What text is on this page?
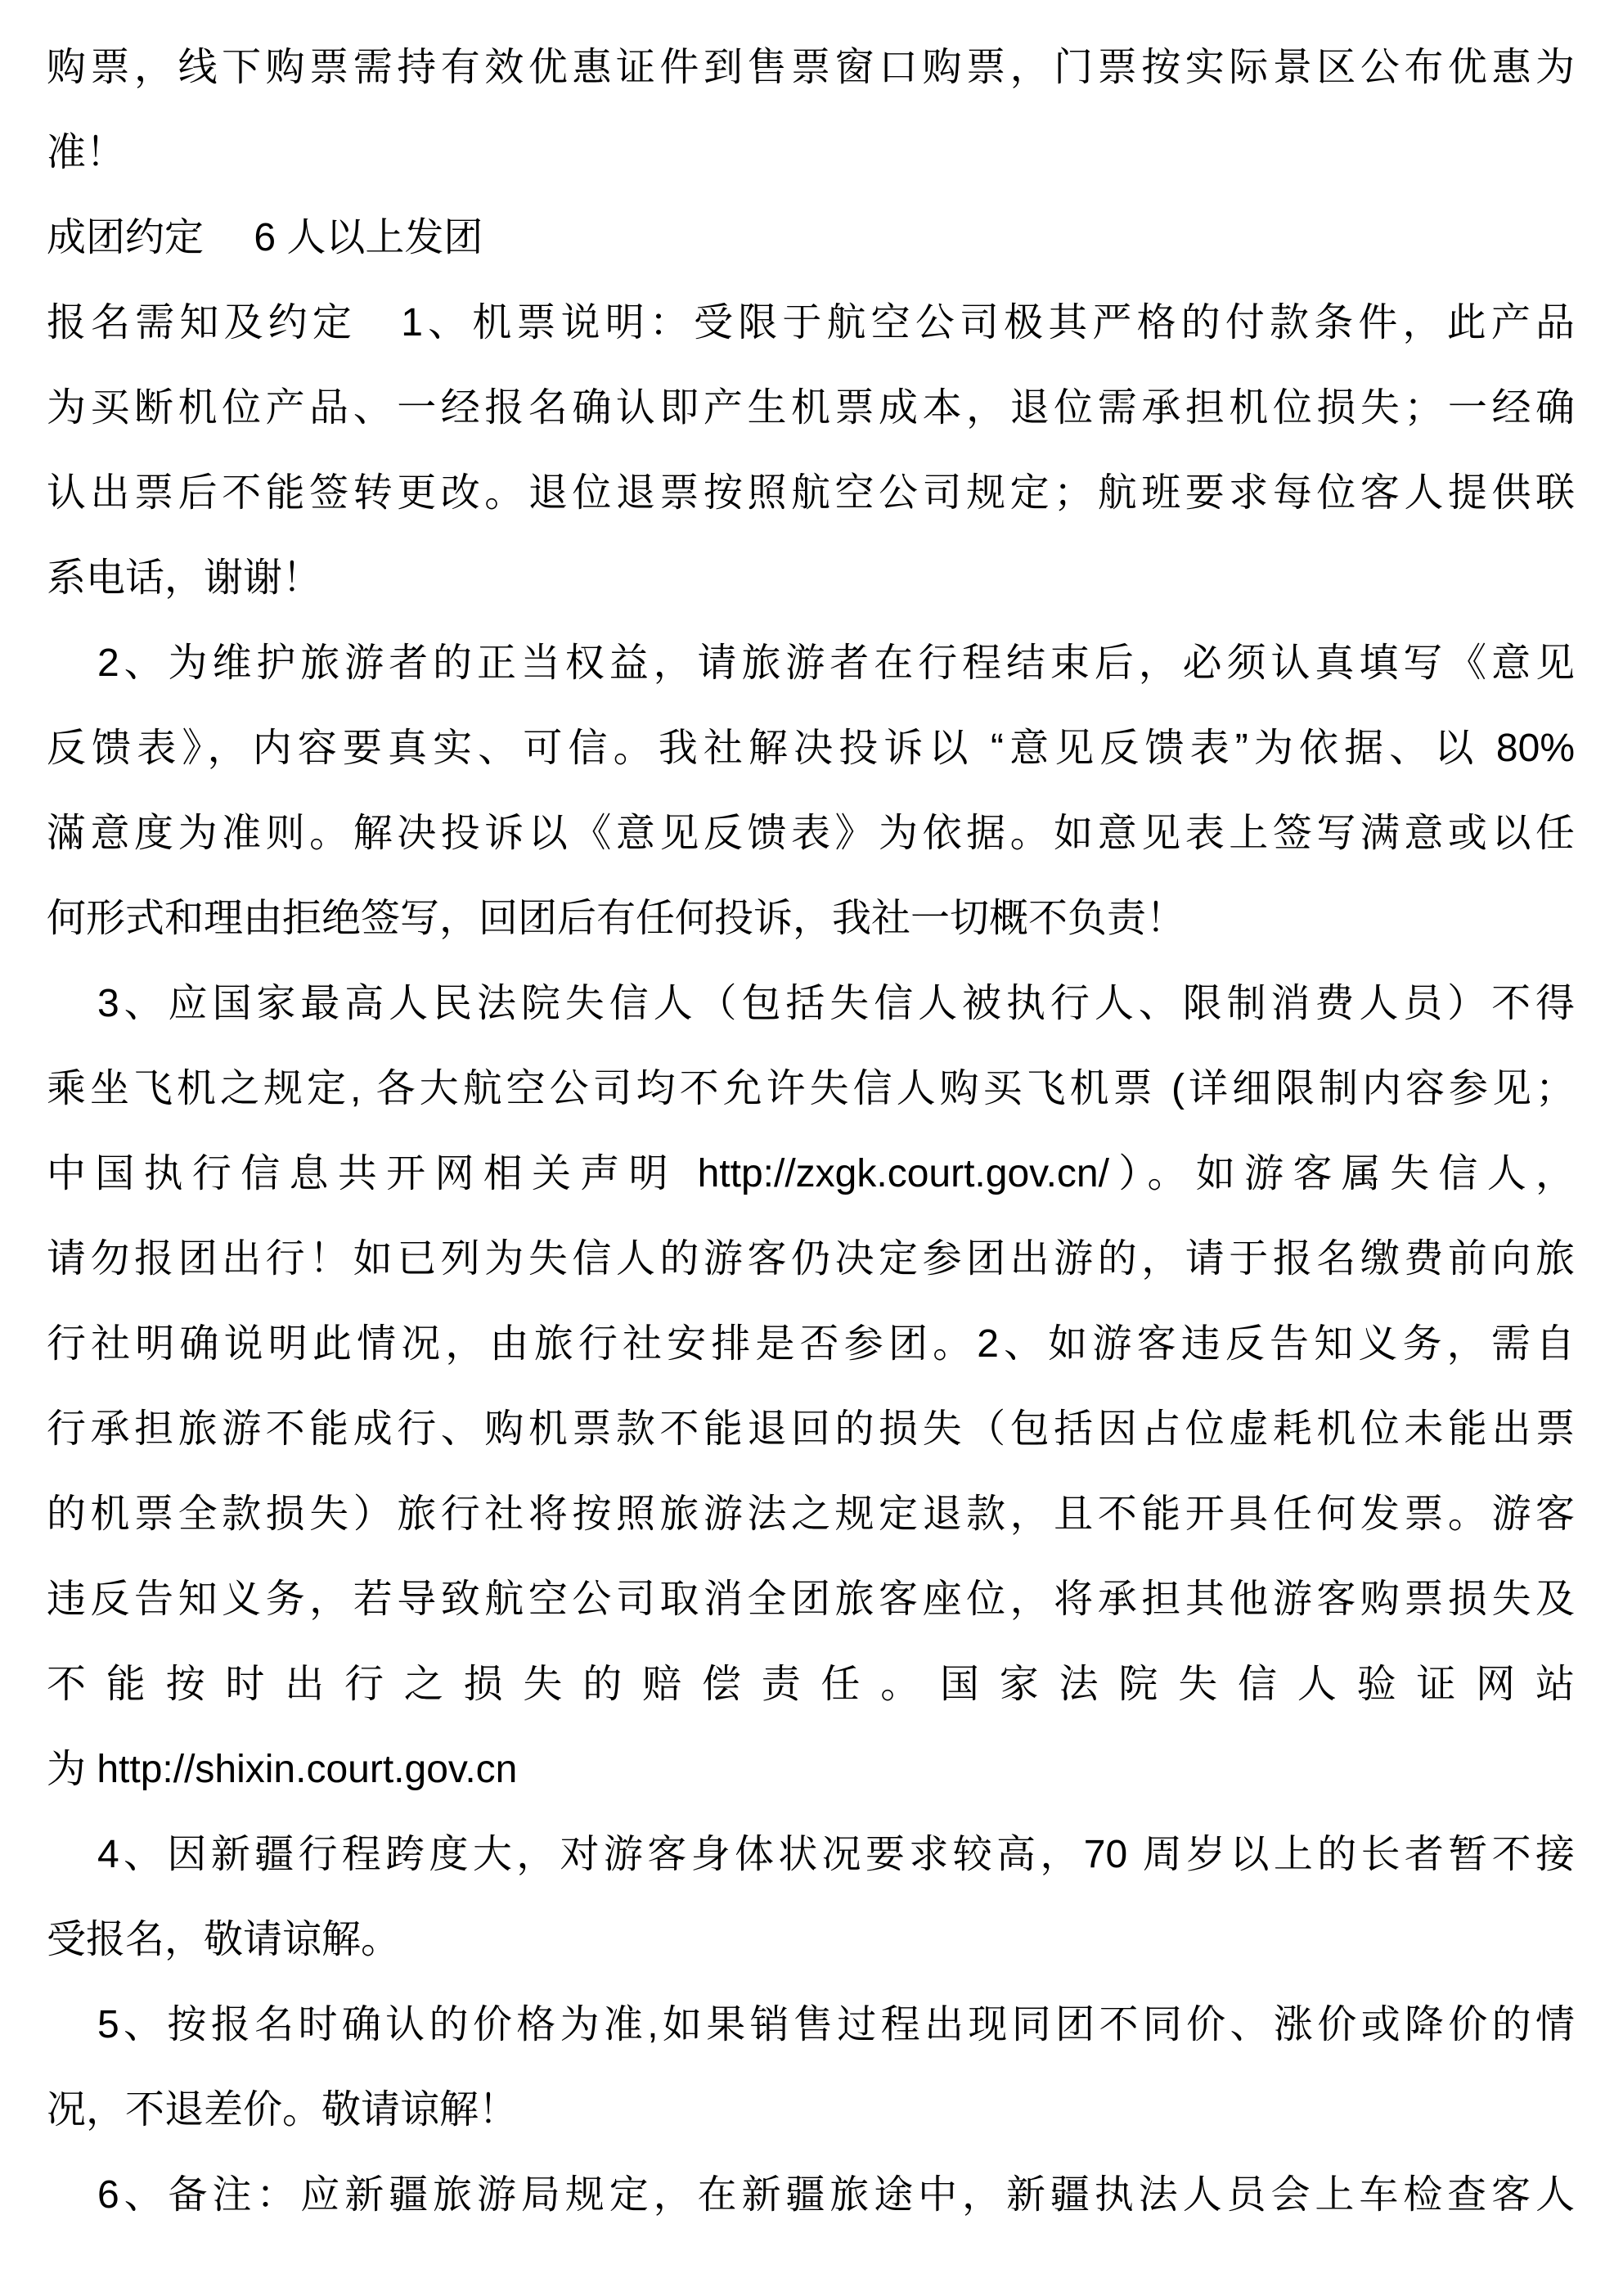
购票，线下购票需持有效优惠证件到售票窗口购票，门票按实际景区公布优惠为
准！
成团约定　 6 人以上发团
报名需知及约定　1、机票说明：受限于航空公司极其严格的付款条件，此产品
为买断机位产品、一经报名确认即产生机票成本，退位需承担机位损失；一经确
认出票后不能签转更改。退位退票按照航空公司规定；航班要求每位客人提供联
系电话，谢谢！
2、为维护旅游者的正当权益，请旅游者在行程结束后，必须认真填写《意见
反馈表》，内容要真实、可信。我社解决投诉以 “意见反馈表”为依据、以 80%
滿意度为准则。解决投诉以《意见反馈表》为依据。如意见表上签写满意或以任
何形式和理由拒绝签写，回团后有任何投诉，我社一切概不负责！
3、应国家最高人民法院失信人（包括失信人被执行人、限制消费人员）不得
乘坐飞机之规定, 各大航空公司均不允许失信人购买飞机票 (详细限制内容参见；
中国执行信息共开网相关声明 http://zxgk.court.gov.cn/）。如游客属失信人，
请勿报团出行！如已列为失信人的游客仍决定参团出游的，请于报名缴费前向旅
行社明确说明此情况，由旅行社安排是否参团。2、如游客违反告知义务，需自
行承担旅游不能成行、购机票款不能退回的损失（包括因占位虚耗机位未能出票
的机票全款损失）旅行社将按照旅游法之规定退款，且不能开具任何发票。游客
违反告知义务，若导致航空公司取消全团旅客座位，将承担其他游客购票损失及
不能按时出行之损失的赔偿责任。国家法院失信人验证网站
为 http://shixin.court.gov.cn
4、因新疆行程跨度大，对游客身体状况要求较高，70 周岁以上的长者暂不接
受报名，敬请谅解。
5、按报名时确认的价格为准,如果销售过程出现同团不同价、涨价或降价的情
况，不退差价。敬请谅解！
6、备注：应新疆旅游局规定，在新疆旅途中，新疆执法人员会上车检查客人
